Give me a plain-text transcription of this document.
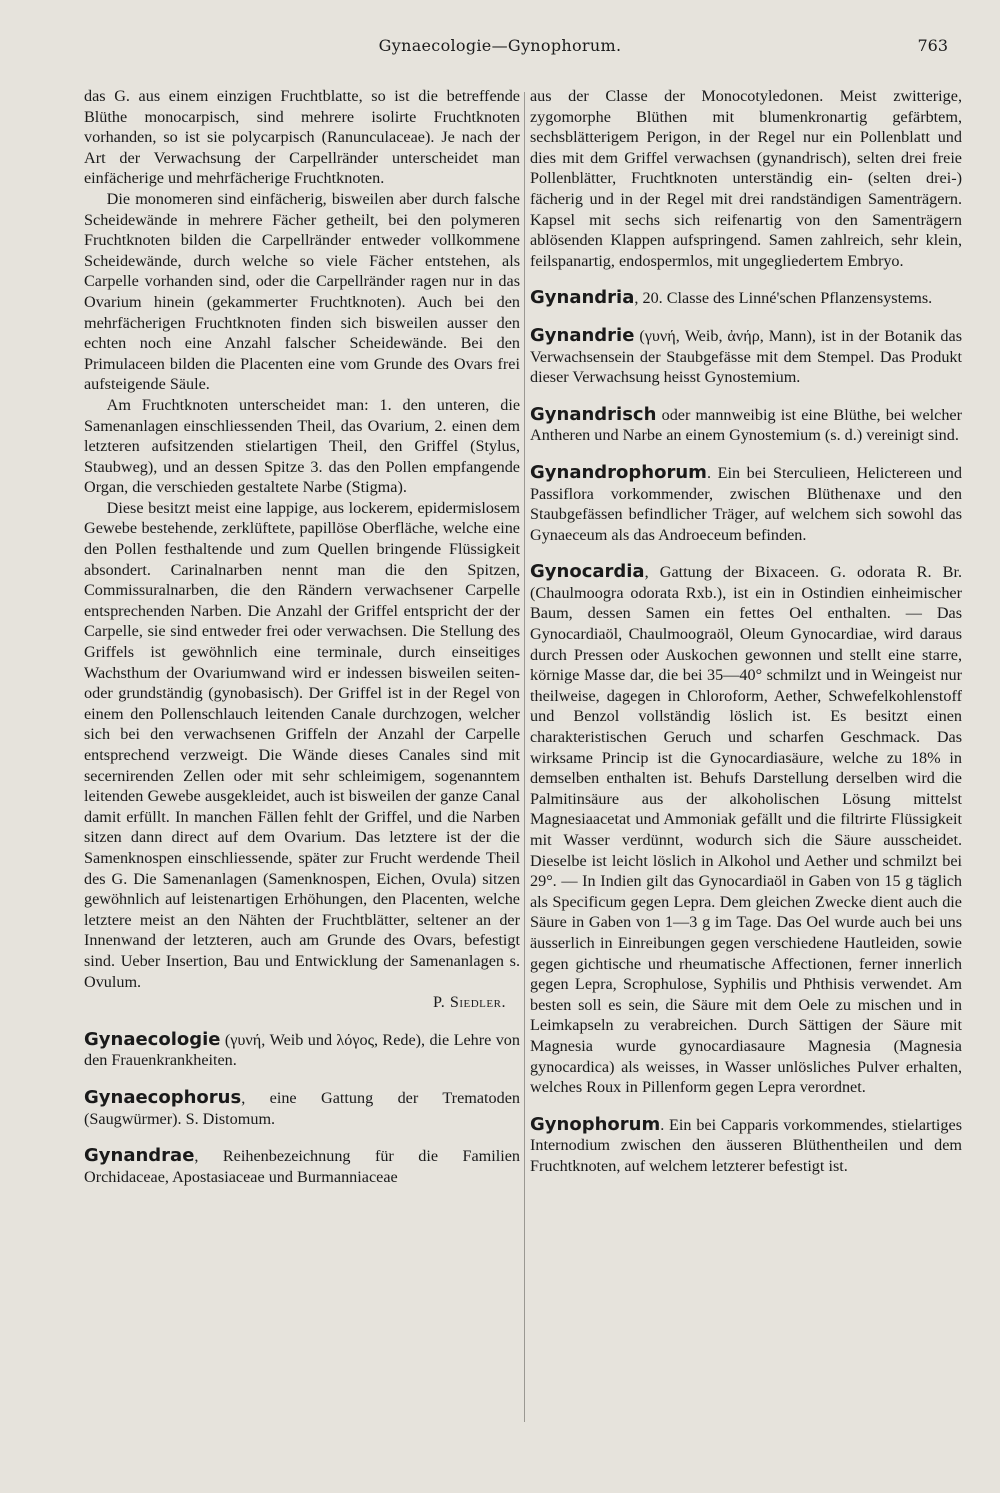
Gynaecologie—Gynophorum.	763

das G. aus einem einzigen Fruchtblatte, so ist die betreffende Blüthe monocarpisch, sind mehrere isolirte Fruchtknoten vorhanden, so ist sie polycarpisch (Ranunculaceae). Je nach der Art der Verwachsung der Carpellränder unterscheidet man einfächerige und mehrfächerige Fruchtknoten.

Die monomeren sind einfächerig, bisweilen aber durch falsche Scheidewände in mehrere Fächer getheilt, bei den polymeren Fruchtknoten bilden die Carpellränder entweder vollkommene Scheidewände, durch welche so viele Fächer entstehen, als Carpelle vorhanden sind, oder die Carpellränder ragen nur in das Ovarium hinein (gekammerter Fruchtknoten). Auch bei den mehrfächerigen Fruchtknoten finden sich bisweilen ausser den echten noch eine Anzahl falscher Scheidewände. Bei den Primulaceen bilden die Placenten eine vom Grunde des Ovars frei aufsteigende Säule.

Am Fruchtknoten unterscheidet man: 1. den unteren, die Samenanlagen einschliessenden Theil, das Ovarium, 2. einen dem letzteren aufsitzenden stielartigen Theil, den Griffel (Stylus, Staubweg), und an dessen Spitze 3. das den Pollen empfangende Organ, die verschieden gestaltete Narbe (Stigma).

Diese besitzt meist eine lappige, aus lockerem, epidermislosem Gewebe bestehende, zerklüftete, papillöse Oberfläche, welche eine den Pollen festhaltende und zum Quellen bringende Flüssigkeit absondert. Carinalnarben nennt man die den Spitzen, Commissuralnarben, die den Rändern verwachsener Carpelle entsprechenden Narben. Die Anzahl der Griffel entspricht der der Carpelle, sie sind entweder frei oder verwachsen. Die Stellung des Griffels ist gewöhnlich eine terminale, durch einseitiges Wachsthum der Ovariumwand wird er indessen bisweilen seiten- oder grundständig (gynobasisch). Der Griffel ist in der Regel von einem den Pollenschlauch leitenden Canale durchzogen, welcher sich bei den verwachsenen Griffeln der Anzahl der Carpelle entsprechend verzweigt. Die Wände dieses Canales sind mit secernirenden Zellen oder mit sehr schleimigem, sogenanntem leitenden Gewebe ausgekleidet, auch ist bisweilen der ganze Canal damit erfüllt. In manchen Fällen fehlt der Griffel, und die Narben sitzen dann direct auf dem Ovarium. Das letztere ist der die Samenknospen einschliessende, später zur Frucht werdende Theil des G. Die Samenanlagen (Samenknospen, Eichen, Ovula) sitzen gewöhnlich auf leistenartigen Erhöhungen, den Placenten, welche letztere meist an den Nähten der Fruchtblätter, seltener an der Innenwand der letzteren, auch am Grunde des Ovars, befestigt sind. Ueber Insertion, Bau und Entwicklung der Samenanlagen s. Ovulum.

P. Siedler.

Gynaecologie (γυνή, Weib und λόγος, Rede), die Lehre von den Frauenkrankheiten.

Gynaecophorus, eine Gattung der Trematoden (Saugwürmer). S. Distomum.

Gynandrae, Reihenbezeichnung für die Familien Orchidaceae, Apostasiaceae und Burmanniaceae

aus der Classe der Monocotyledonen. Meist zwitterige, zygomorphe Blüthen mit blumenkronartig gefärbtem, sechsblätterigem Perigon, in der Regel nur ein Pollenblatt und dies mit dem Griffel verwachsen (gynandrisch), selten drei freie Pollenblätter, Fruchtknoten unterständig ein- (selten drei-) fächerig und in der Regel mit drei randständigen Samenträgern. Kapsel mit sechs sich reifenartig von den Samenträgern ablösenden Klappen aufspringend. Samen zahlreich, sehr klein, feilspanartig, endospermlos, mit ungegliedertem Embryo.

Gynandria, 20. Classe des Linné'schen Pflanzensystems.

Gynandrie (γυνή, Weib, ἀνήρ, Mann), ist in der Botanik das Verwachsensein der Staubgefässe mit dem Stempel. Das Produkt dieser Verwachsung heisst Gynostemium.

Gynandrisch oder mannweibig ist eine Blüthe, bei welcher Antheren und Narbe an einem Gynostemium (s. d.) vereinigt sind.

Gynandrophorum. Ein bei Sterculieen, Helictereen und Passiflora vorkommender, zwischen Blüthenaxe und den Staubgefässen befindlicher Träger, auf welchem sich sowohl das Gynaeceum als das Androeceum befinden.

Gynocardia, Gattung der Bixaceen. G. odorata R. Br. (Chaulmoogra odorata Rxb.), ist ein in Ostindien einheimischer Baum, dessen Samen ein fettes Oel enthalten. — Das Gynocardiaöl, Chaulmoograöl, Oleum Gynocardiae, wird daraus durch Pressen oder Auskochen gewonnen und stellt eine starre, körnige Masse dar, die bei 35—40° schmilzt und in Weingeist nur theilweise, dagegen in Chloroform, Aether, Schwefelkohlenstoff und Benzol vollständig löslich ist. Es besitzt einen charakteristischen Geruch und scharfen Geschmack. Das wirksame Princip ist die Gynocardiasäure, welche zu 18% in demselben enthalten ist. Behufs Darstellung derselben wird die Palmitinsäure aus der alkoholischen Lösung mittelst Magnesiaacetat und Ammoniak gefällt und die filtrirte Flüssigkeit mit Wasser verdünnt, wodurch sich die Säure ausscheidet. Dieselbe ist leicht löslich in Alkohol und Aether und schmilzt bei 29°. — In Indien gilt das Gynocardiaöl in Gaben von 15 g täglich als Specificum gegen Lepra. Dem gleichen Zwecke dient auch die Säure in Gaben von 1—3 g im Tage. Das Oel wurde auch bei uns äusserlich in Einreibungen gegen verschiedene Hautleiden, sowie gegen gichtische und rheumatische Affectionen, ferner innerlich gegen Lepra, Scrophulose, Syphilis und Phthisis verwendet. Am besten soll es sein, die Säure mit dem Oele zu mischen und in Leimkapseln zu verabreichen. Durch Sättigen der Säure mit Magnesia wurde gynocardiasaure Magnesia (Magnesia gynocardica) als weisses, in Wasser unlösliches Pulver erhalten, welches Roux in Pillenform gegen Lepra verordnet.

Gynophorum. Ein bei Capparis vorkommendes, stielartiges Internodium zwischen den äusseren Blüthentheilen und dem Fruchtknoten, auf welchem letzterer befestigt ist.
